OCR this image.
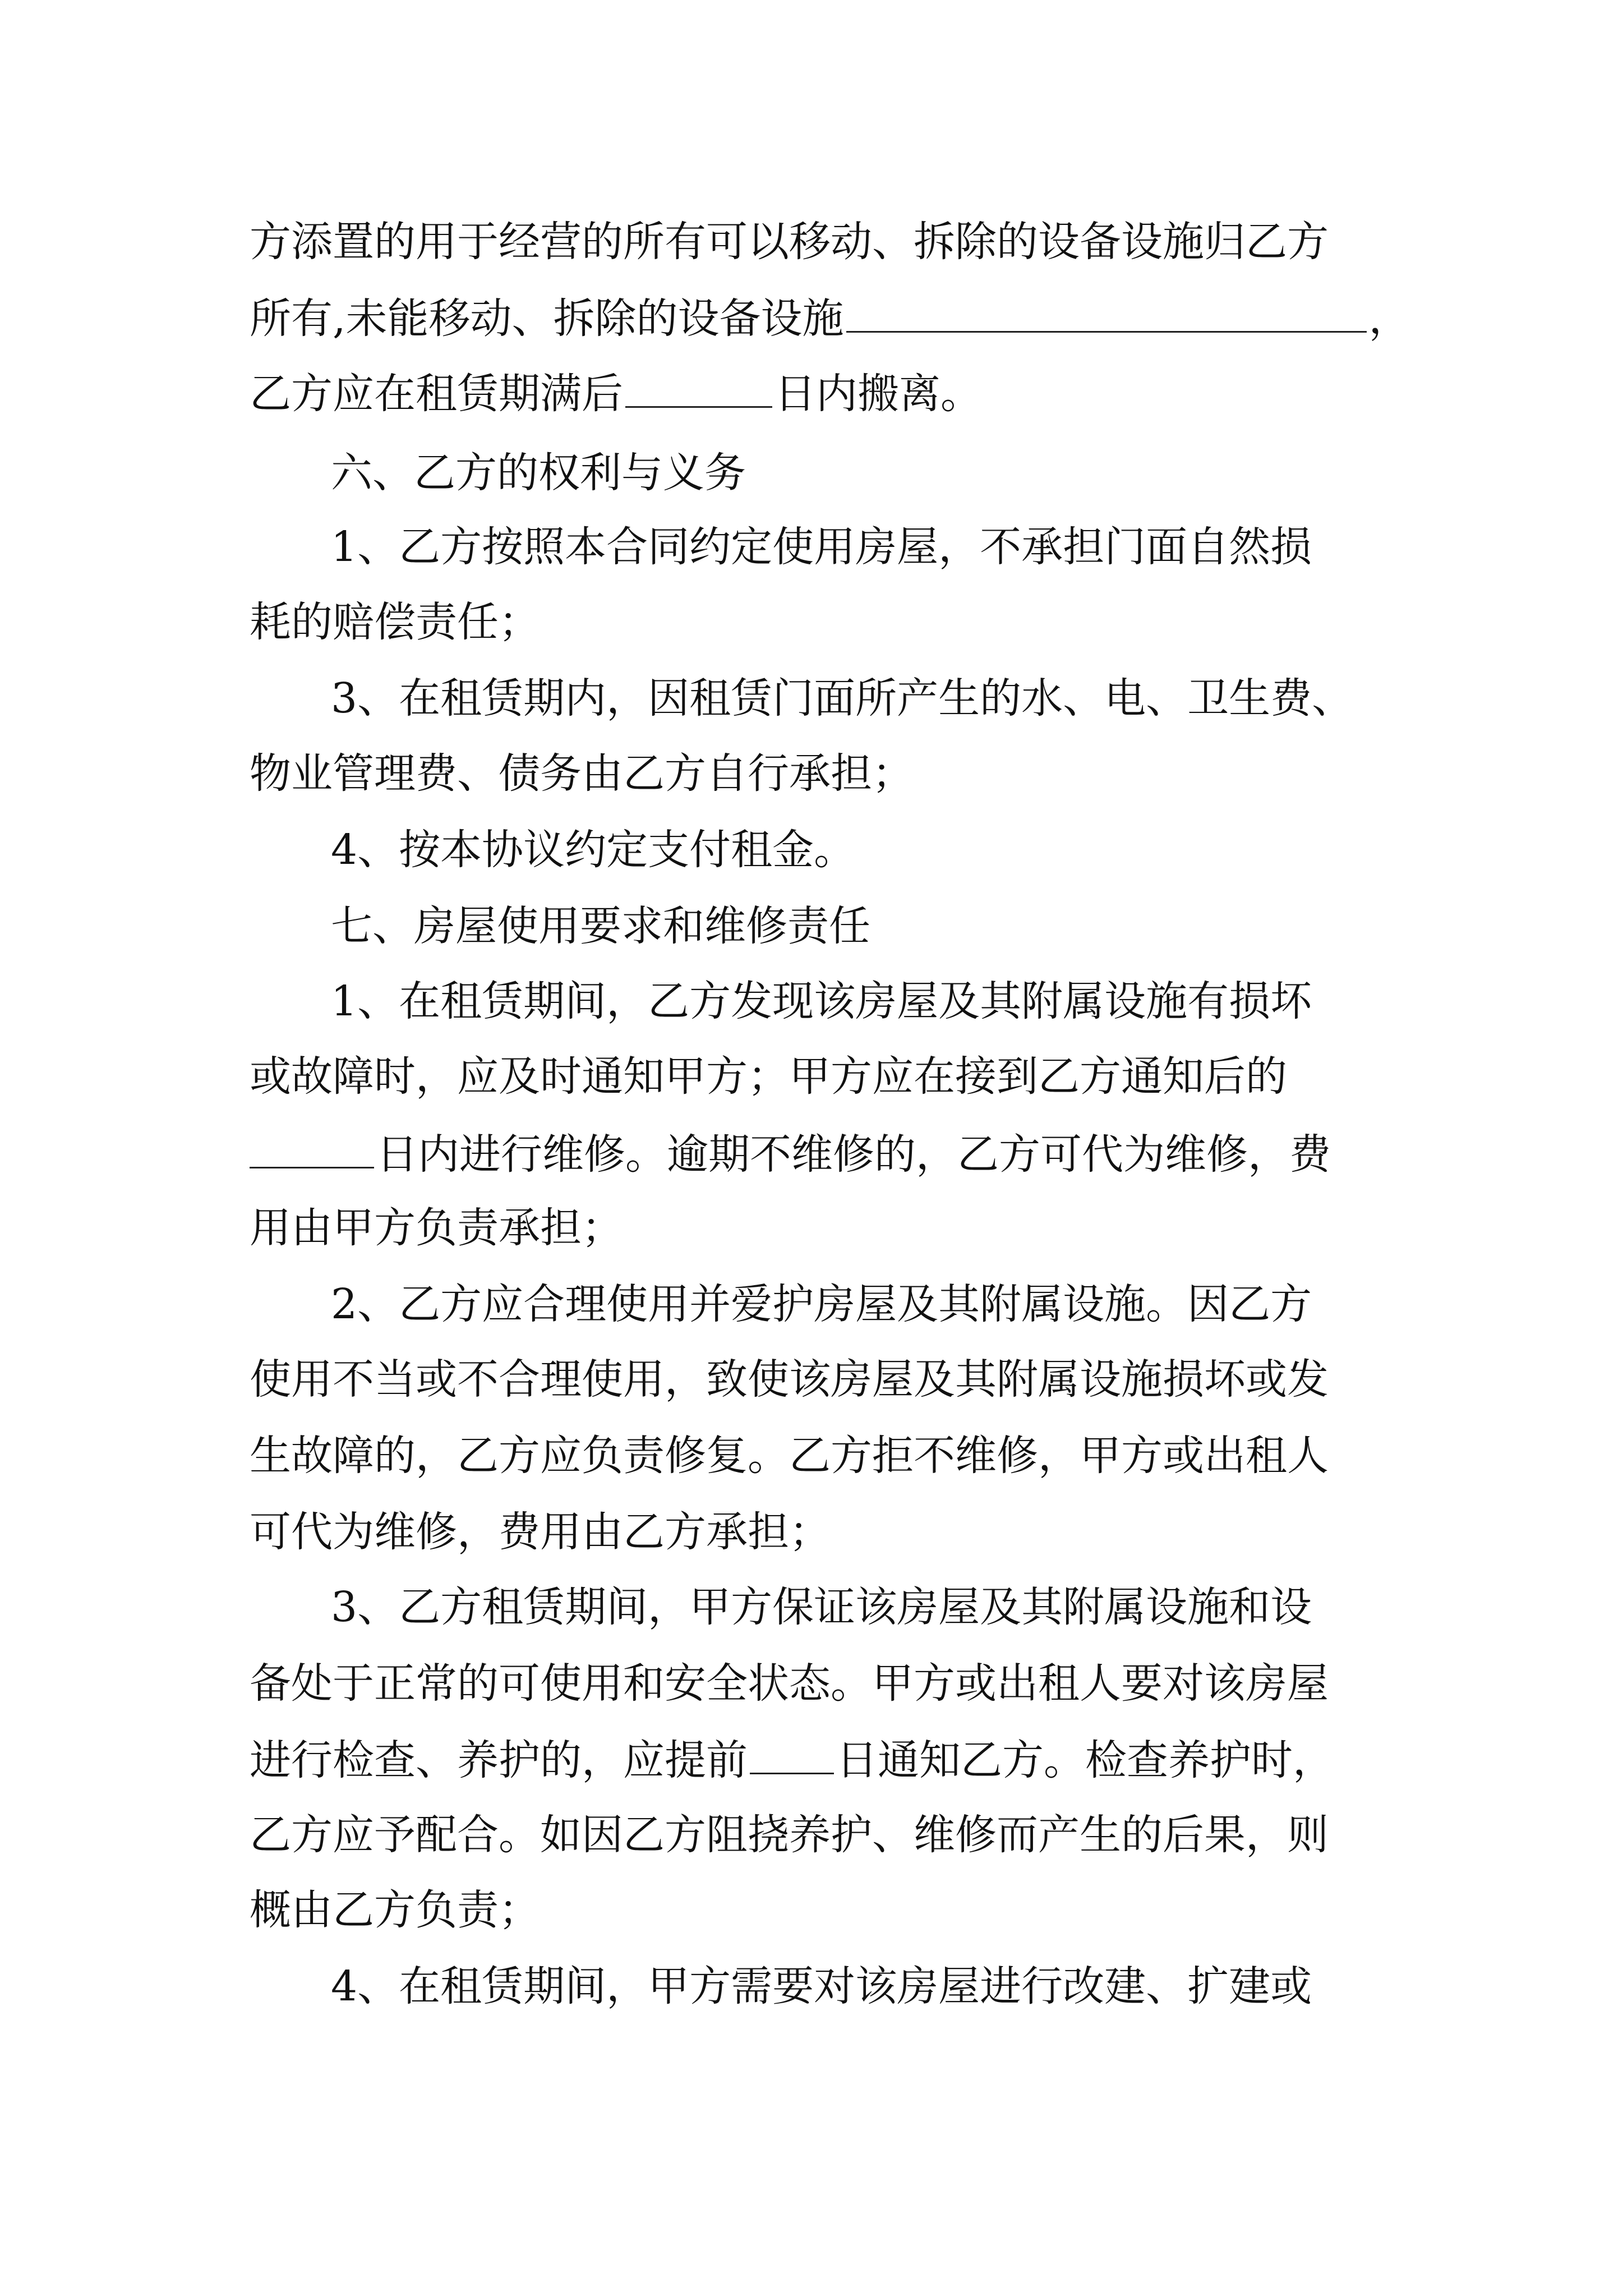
方添置的用于经营的所有可以移动、拆除的设备设施归乙方
所有,未能移动、拆除的设备设施	，
乙方应在租赁期满后	日内搬离。
六、乙方的权利与义务
1、乙方按照本合同约定使用房屋，不承担门面自然损
耗的赔偿责任；
3、在租赁期内，因租赁门面所产生的水、电、卫生费、
物业管理费、债务由乙方自行承担；
4、按本协议约定支付租金。
七、房屋使用要求和维修责任
1、在租赁期间，乙方发现该房屋及其附属设施有损坏
或故障时，应及时通知甲方；甲方应在接到乙方通知后的
日内进行维修。逾期不维修的，乙方可代为维修，费
用由甲方负责承担；
2、乙方应合理使用并爱护房屋及其附属设施。因乙方
使用不当或不合理使用，致使该房屋及其附属设施损坏或发
生故障的，乙方应负责修复。乙方拒不维修，甲方或出租人
可代为维修，费用由乙方承担；
3、乙方租赁期间，甲方保证该房屋及其附属设施和设
备处于正常的可使用和安全状态。甲方或出租人要对该房屋
进行检查、养护的，应提前 日通知乙方。检查养护时，
乙方应予配合。如因乙方阻挠养护、维修而产生的后果，则
概由乙方负责；
4、在租赁期间，甲方需要对该房屋进行改建、扩建或
